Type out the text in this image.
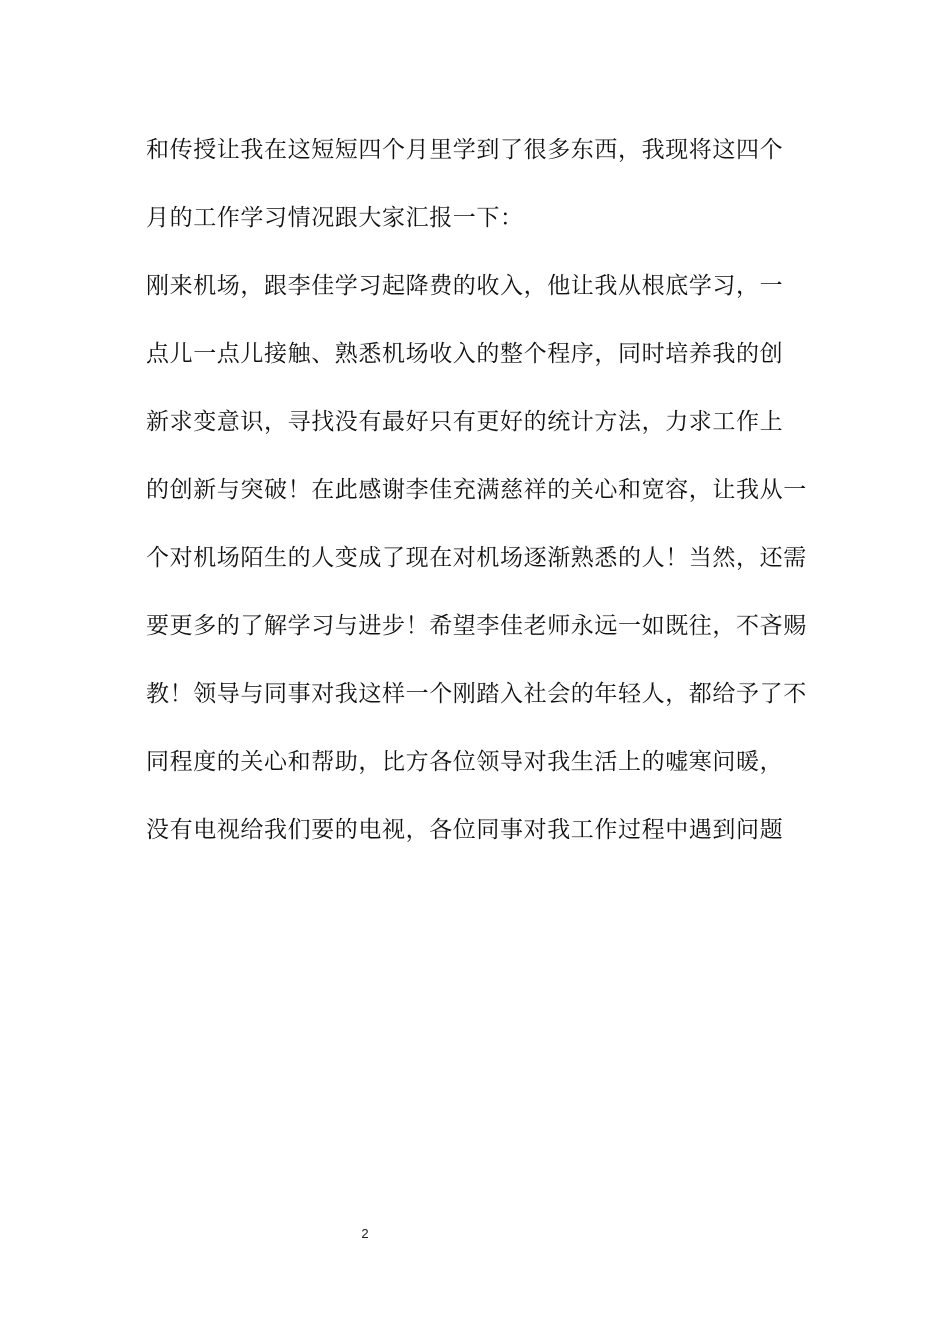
和传授让我在这短短四个月里学到了很多东西，我现将这四个
月的工作学习情况跟大家汇报一下：
刚来机场，跟李佳学习起降费的收入，他让我从根底学习，一
点儿一点儿接触、熟悉机场收入的整个程序，同时培养我的创
新求变意识，寻找没有最好只有更好的统计方法，力求工作上
的创新与突破！在此感谢李佳充满慈祥的关心和宽容，让我从一
个对机场陌生的人变成了现在对机场逐渐熟悉的人！当然，还需
要更多的了解学习与进步！希望李佳老师永远一如既往，不吝赐
教！领导与同事对我这样一个刚踏入社会的年轻人，都给予了不
同程度的关心和帮助，比方各位领导对我生活上的嘘寒问暖，
没有电视给我们要的电视，各位同事对我工作过程中遇到问题
2
